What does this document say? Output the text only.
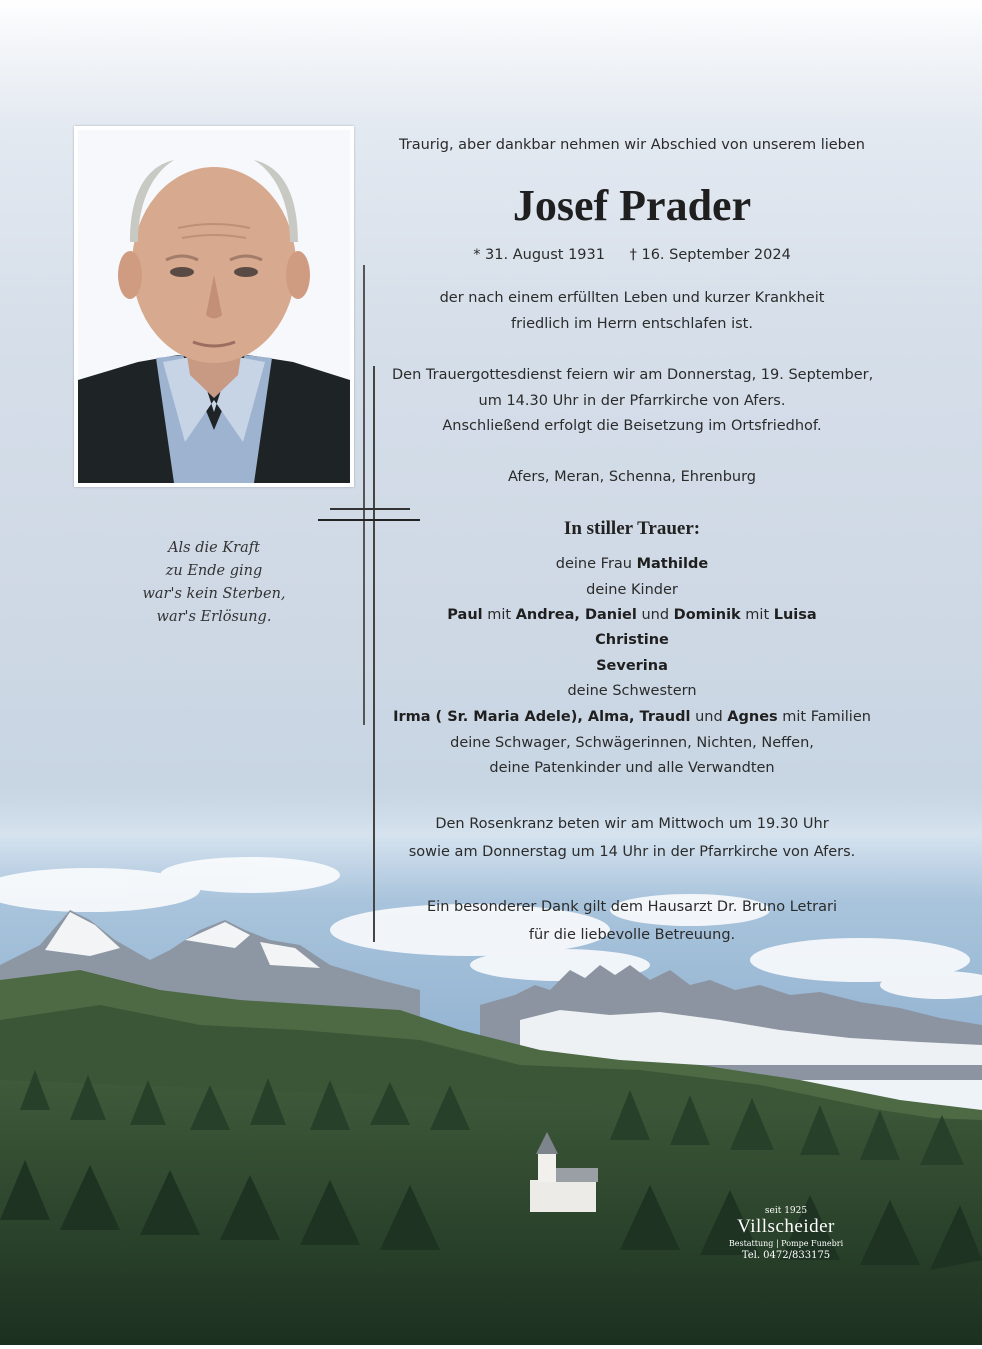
Als die Kraft
zu Ende ging
war's kein Sterben,
war's Erlösung.
Traurig, aber dankbar nehmen wir Abschied von unserem lieben
Josef Prader
* 31. August 1931 † 16. September 2024
der nach einem erfüllten Leben und kurzer Krankheit
friedlich im Herrn entschlafen ist.
Den Trauergottesdienst feiern wir am Donnerstag, 19. September,
um 14.30 Uhr in der Pfarrkirche von Afers.
Anschließend erfolgt die Beisetzung im Ortsfriedhof.
Afers, Meran, Schenna, Ehrenburg
In stiller Trauer:
deine Frau Mathilde
deine Kinder
Paul mit Andrea, Daniel und Dominik mit Luisa
Christine
Severina
deine Schwestern
Irma ( Sr. Maria Adele), Alma, Traudl und Agnes mit Familien
deine Schwager, Schwägerinnen, Nichten, Neffen,
deine Patenkinder und alle Verwandten
Den Rosenkranz beten wir am Mittwoch um 19.30 Uhr
sowie am Donnerstag um 14 Uhr in der Pfarrkirche von Afers.
Ein besonderer Dank gilt dem Hausarzt Dr. Bruno Letrari
für die liebevolle Betreuung.
seit 1925
Villscheider
Bestattung | Pompe Funebri
Tel. 0472/833175
